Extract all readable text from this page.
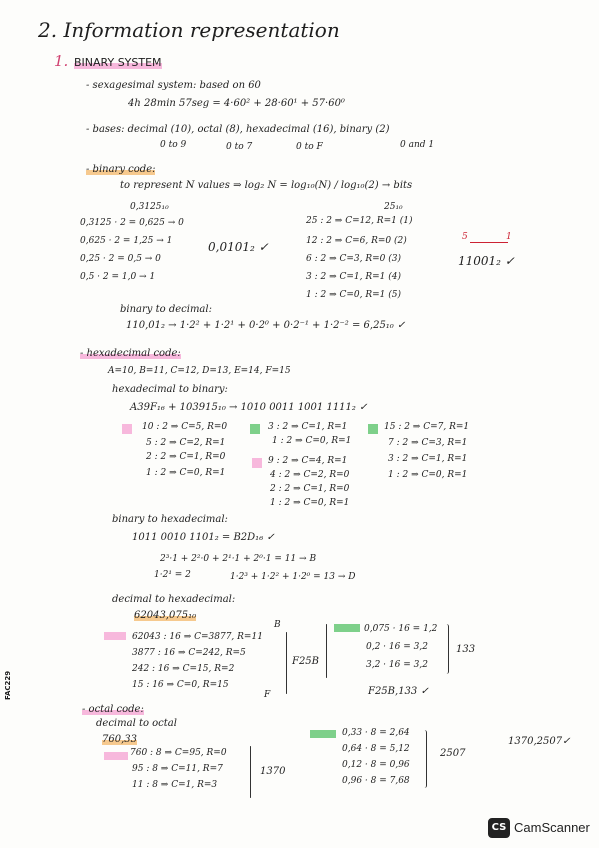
2. Information representation
1. BINARY SYSTEM
- sexagesimal system: based on 60
4h 28min 57seg = 4·60² + 28·60¹ + 57·60⁰
- bases: decimal (10), octal (8), hexadecimal (16), binary (2)
0 to 9	0 to 7	0 to F	0 and 1
- binary code:
to represent N values ⇒ log₂ N = log₁₀(N) / log₁₀(2) → bits
0,3125₁₀
0,3125 · 2 = 0,625 → 0
0,625 · 2 = 1,25 → 1
0,25 · 2 = 0,5 → 0
0,5 · 2 = 1,0 → 1
0,0101₂ ✓
25₁₀
25 : 2 ⇒ C=12, R=1 (1)
12 : 2 ⇒ C=6, R=0 (2)
6 : 2 ⇒ C=3, R=0 (3)
3 : 2 ⇒ C=1, R=1 (4)
1 : 2 ⇒ C=0, R=1 (5)
5	1
11001₂ ✓
binary to decimal:
110,01₂ → 1·2² + 1·2¹ + 0·2⁰ + 0·2⁻¹ + 1·2⁻² = 6,25₁₀ ✓
- hexadecimal code:
A=10, B=11, C=12, D=13, E=14, F=15
hexadecimal to binary:
A39F₁₆ + 103915₁₀ → 1010 0011 1001 1111₂ ✓
10 : 2 ⇒ C=5, R=0
5 : 2 ⇒ C=2, R=1
2 : 2 ⇒ C=1, R=0
1 : 2 ⇒ C=0, R=1
3 : 2 ⇒ C=1, R=1
1 : 2 ⇒ C=0, R=1
9 : 2 ⇒ C=4, R=1
4 : 2 ⇒ C=2, R=0
2 : 2 ⇒ C=1, R=0
1 : 2 ⇒ C=0, R=1
15 : 2 ⇒ C=7, R=1
7 : 2 ⇒ C=3, R=1
3 : 2 ⇒ C=1, R=1
1 : 2 ⇒ C=0, R=1
binary to hexadecimal:
1011 0010 1101₂ = B2D₁₆ ✓
2³·1 + 2²·0 + 2¹·1 + 2⁰·1 = 11 → B
1·2¹ = 2	1·2³ + 1·2² + 1·2⁰ = 13 → D
decimal to hexadecimal:
62043,075₁₀
B
62043 : 16 ⇒ C=3877, R=11
3877 : 16 ⇒ C=242, R=5
242 : 16 ⇒ C=15, R=2
15 : 16 ⇒ C=0, R=15
F
F25B
0,075 · 16 = 1,2
0,2 · 16 = 3,2
3,2 · 16 = 3,2
133
F25B,133 ✓
- octal code:
decimal to octal
760,33
760 : 8 ⇒ C=95, R=0
95 : 8 ⇒ C=11, R=7
11 : 8 ⇒ C=1, R=3
1370
0,33 · 8 = 2,64
0,64 · 8 = 5,12
0,12 · 8 = 0,96
0,96 · 8 = 7,68
2507
1370,2507✓
FAC229
CS CamScanner
